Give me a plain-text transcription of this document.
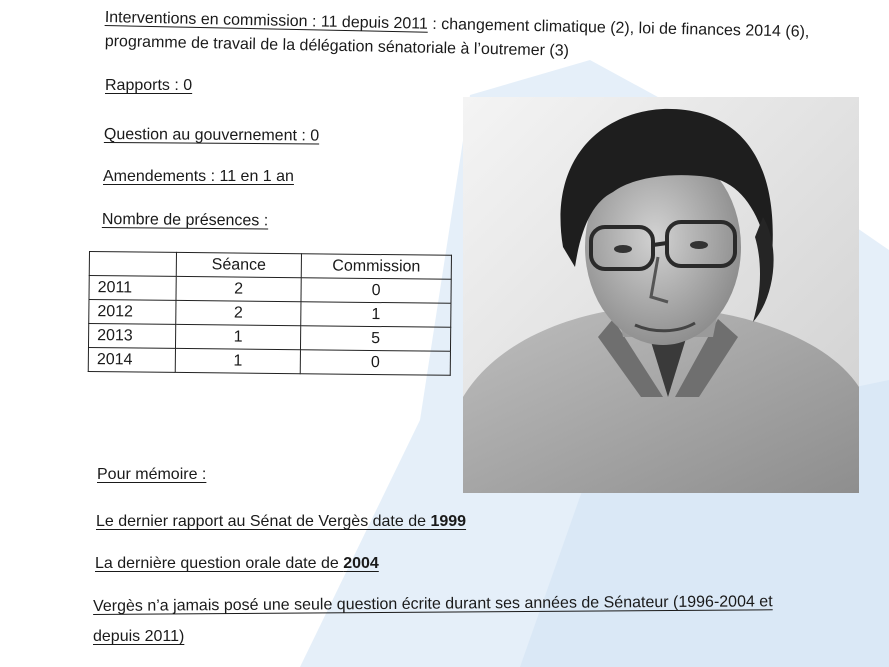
Interventions en commission : 11 depuis 2011 : changement climatique (2), loi de finances 2014 (6),
programme de travail de la délégation sénatoriale à l’outremer (3)
Rapports : 0
Question au gouvernement : 0
Amendements : 11 en 1 an
Nombre de présences :
	Séance	Commission
2011	2	0
2012	2	1
2013	1	5
2014	1	0
Pour mémoire :
Le dernier rapport au Sénat de Vergès date de 1999
La dernière question orale date de 2004
Vergès n’a jamais posé une seule question écrite durant ses années de Sénateur (1996-2004 et
depuis 2011)
